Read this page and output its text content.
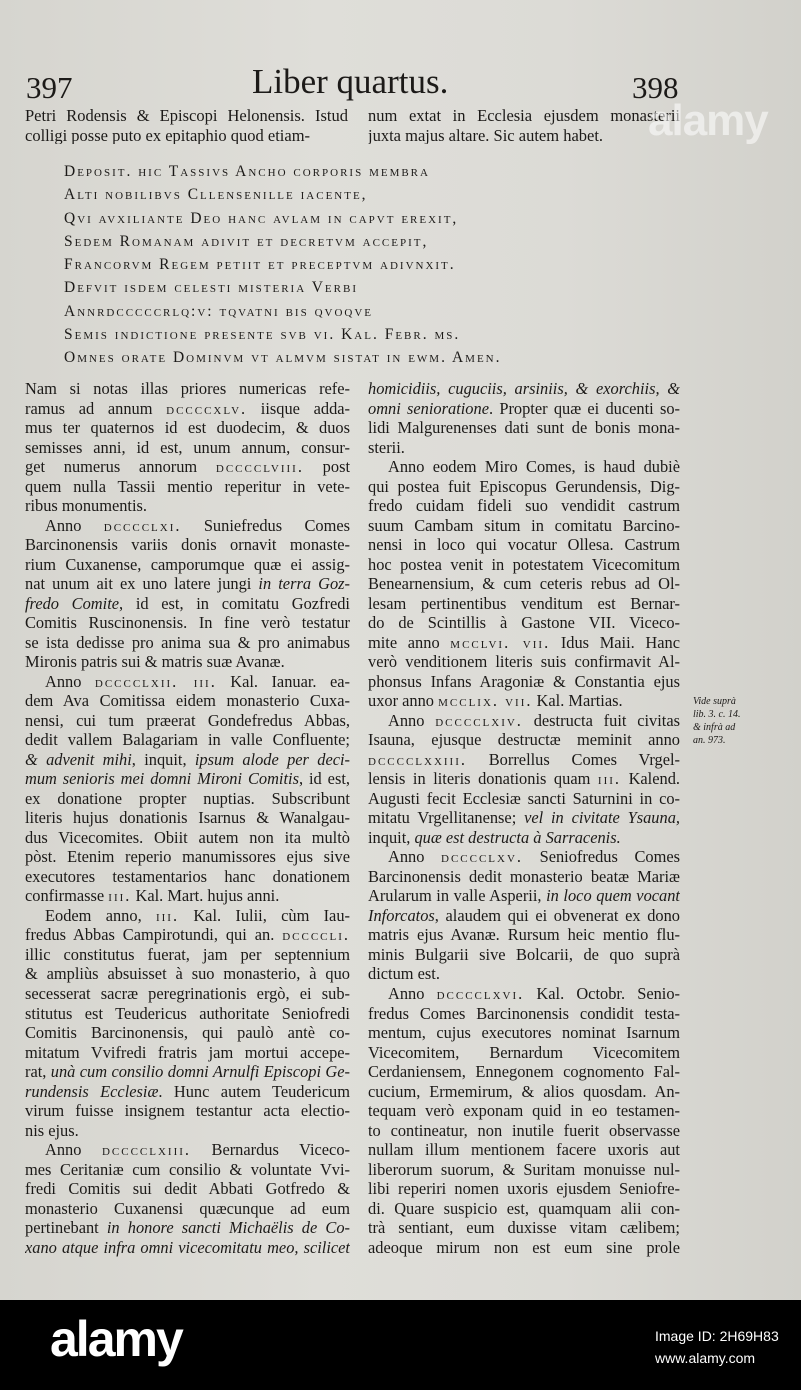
397	Liber quartus.	398
Petri Rodensis & Episcopi Helonensis. Istud
colligi posse puto ex epitaphio quod etiam-
num extat in Ecclesia ejusdem monasterii
juxta majus altare. Sic autem habet.
Deposit. hic Tassivs Ancho corporis membra
Alti nobilibvs Cllensenille iacente,
Qvi avxiliante Deo hanc avlam in capvt erexit,
Sedem Romanam adivit et decretvm accepit,
Francorvm Regem petiit et preceptvm adivnxit.
Defvit isdem celesti misteria Verbi
Annrdcccccrlq:v: tqvatni bis qvoqve
Semis indictione presente svb vi. Kal. Febr. ms.
Omnes orate Dominvm vt almvm sistat in ewm. Amen.
Nam si notas illas priores numericas refe-
ramus ad annum dccccxlv. iisque adda-
mus ter quaternos id est duodecim, & duos
semisses anni, id est, unum annum, consur-
get numerus annorum dcccclviii. post
quem nulla Tassii mentio reperitur in vete-
ribus monumentis.
Anno dcccclxi. Suniefredus Comes
Barcinonensis variis donis ornavit monaste-
rium Cuxanense, camporumque quæ ei assig-
nat unum ait ex uno latere jungi in terra Goz-
fredo Comite, id est, in comitatu Gozfredi
Comitis Ruscinonensis. In fine verò testatur
se ista dedisse pro anima sua & pro animabus
Mironis patris sui & matris suæ Avanæ.
Anno dcccclxii. iii. Kal. Ianuar. ea-
dem Ava Comitissa eidem monasterio Cuxa-
nensi, cui tum præerat Gondefredus Abbas,
dedit vallem Balagariam in valle Confluente;
& advenit mihi, inquit, ipsum alode per deci-
mum senioris mei domni Mironi Comitis, id est,
ex donatione propter nuptias. Subscribunt
literis hujus donationis Isarnus & Wanalgau-
dus Vicecomites. Obiit autem non ita multò
pòst. Etenim reperio manumissores ejus sive
executores testamentarios hanc donationem
confirmasse iii. Kal. Mart. hujus anni.
Eodem anno, iii. Kal. Iulii, cùm Iau-
fredus Abbas Campirotundi, qui an. dccccli.
illic constitutus fuerat, jam per septennium
& ampliùs absuisset à suo monasterio, à quo
secesserat sacræ peregrinationis ergò, ei sub-
stitutus est Teudericus authoritate Seniofredi
Comitis Barcinonensis, qui paulò antè co-
mitatum Vvifredi fratris jam mortui accepe-
rat, unà cum consilio domni Arnulfi Episcopi Ge-
rundensis Ecclesiæ. Hunc autem Teudericum
virum fuisse insignem testantur acta electio-
nis ejus.
Anno dcccclxiii. Bernardus Viceco-
mes Ceritaniæ cum consilio & voluntate Vvi-
fredi Comitis sui dedit Abbati Gotfredo &
monasterio Cuxanensi quæcunque ad eum
pertinebant in honore sancti Michaëlis de Co-
xano atque infra omni vicecomitatu meo, scilicet
homicidiis, cuguciis, arsiniis, & exorchiis, &
omni senioratione. Propter quæ ei ducenti so-
lidi Malgurenenses dati sunt de bonis mona-
sterii.
Anno eodem Miro Comes, is haud dubiè
qui postea fuit Episcopus Gerundensis, Dig-
fredo cuidam fideli suo vendidit castrum
suum Cambam situm in comitatu Barcino-
nensi in loco qui vocatur Ollesa. Castrum
hoc postea venit in potestatem Vicecomitum
Benearnensium, & cum ceteris rebus ad Ol-
lesam pertinentibus venditum est Bernar-
do de Scintillis à Gastone VII. Viceco-
mite anno mcclvi. vii. Idus Maii. Hanc
verò venditionem literis suis confirmavit Al-
phonsus Infans Aragoniæ & Constantia ejus
uxor anno mcclix. vii. Kal. Martias.
Anno dcccclxiv. destructa fuit civitas
Isauna, ejusque destructæ meminit anno
dcccclxxiii. Borrellus Comes Vrgel-
lensis in literis donationis quam iii. Kalend.
Augusti fecit Ecclesiæ sancti Saturnini in co-
mitatu Vrgellitanense; vel in civitate Ysauna,
inquit, quæ est destructa à Sarracenis.
Anno dcccclxv. Seniofredus Comes
Barcinonensis dedit monasterio beatæ Mariæ
Arularum in valle Asperii, in loco quem vocant
Inforcatos, alaudem qui ei obvenerat ex dono
matris ejus Avanæ. Rursum heic mentio flu-
minis Bulgarii sive Bolcarii, de quo suprà
dictum est.
Anno dcccclxvi. Kal. Octobr. Senio-
fredus Comes Barcinonensis condidit testa-
mentum, cujus executores nominat Isarnum
Vicecomitem, Bernardum Vicecomitem
Cerdaniensem, Ennegonem cognomento Fal-
cucium, Ermemirum, & alios quosdam. An-
tequam verò exponam quid in eo testamen-
to contineatur, non inutile fuerit observasse
nullam illum mentionem facere uxoris aut
liberorum suorum, & Suritam monuisse nul-
libi reperiri nomen uxoris ejusdem Seniofre-
di. Quare suspicio est, quamquam alii con-
trà sentiant, eum duxisse vitam cælibem;
adeoque mirum non est eum sine prole
Vide suprà
lib. 3. c. 14.
& infrà ad
an. 973.
alamy
alamy	Image ID: 2H69H83
www.alamy.com
